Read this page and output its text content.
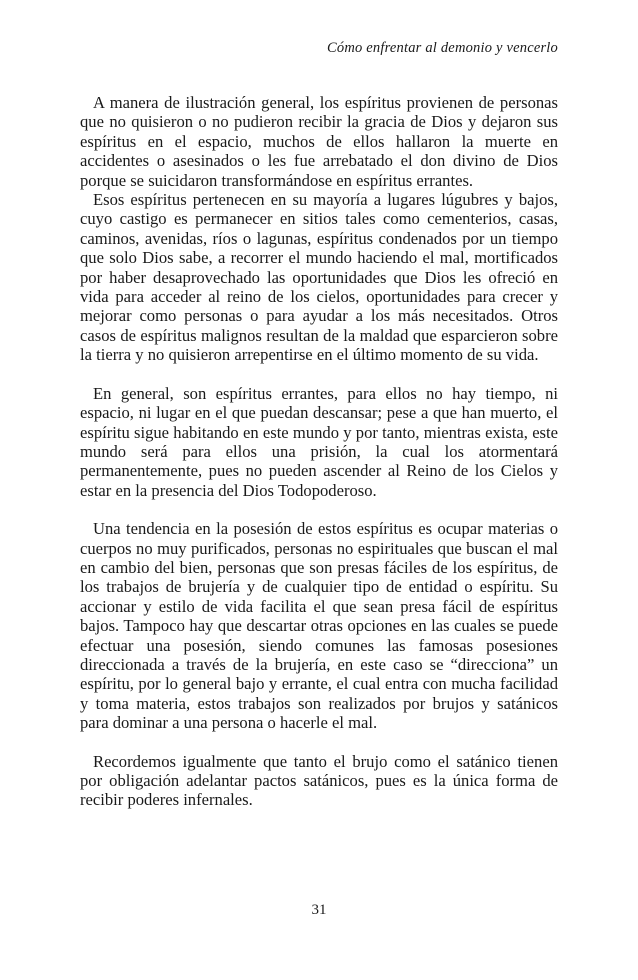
Cómo enfrentar al demonio y vencerlo

A manera de ilustración general, los espíritus provienen de personas que no quisieron o no pudieron recibir la gracia de Dios y dejaron sus espíritus en el espacio, muchos de ellos hallaron la muerte en accidentes o asesinados o les fue arrebatado el don divino de Dios porque se suicidaron transformándose en espíritus errantes.

Esos espíritus pertenecen en su mayoría a lugares lúgubres y bajos, cuyo castigo es permanecer en sitios tales como cementerios, casas, caminos, avenidas, ríos o lagunas, espíritus condenados por un tiempo que solo Dios sabe, a recorrer el mundo haciendo el mal, mortificados por haber desaprovechado las oportunidades que Dios les ofreció en vida para acceder al reino de los cielos, oportunidades para crecer y mejorar como personas o para ayudar a los más necesitados. Otros casos de espíritus malignos resultan de la maldad que esparcieron sobre la tierra y no quisieron arrepentirse en el último momento de su vida.

En general, son espíritus errantes, para ellos no hay tiempo, ni espacio, ni lugar en el que puedan descansar; pese a que han muerto, el espíritu sigue habitando en este mundo y por tanto, mientras exista, este mundo será para ellos una prisión, la cual los atormentará permanentemente, pues no pueden ascender al Reino de los Cielos y estar en la presencia del Dios Todopoderoso.

Una tendencia en la posesión de estos espíritus es ocupar materias o cuerpos no muy purificados, personas no espirituales que buscan el mal en cambio del bien, personas que son presas fáciles de los espíritus, de los trabajos de brujería y de cualquier tipo de entidad o espíritu. Su accionar y estilo de vida facilita el que sean presa fácil de espíritus bajos. Tampoco hay que descartar otras opciones en las cuales se puede efectuar una posesión, siendo comunes las famosas posesiones direccionada a través de la brujería, en este caso se “direcciona” un espíritu, por lo general bajo y errante, el cual entra con mucha facilidad y toma materia, estos trabajos son realizados por brujos y satánicos para dominar a una persona o hacerle el mal.

Recordemos igualmente que tanto el brujo como el satánico tienen por obligación adelantar pactos satánicos, pues es la única forma de recibir poderes infernales.

31
